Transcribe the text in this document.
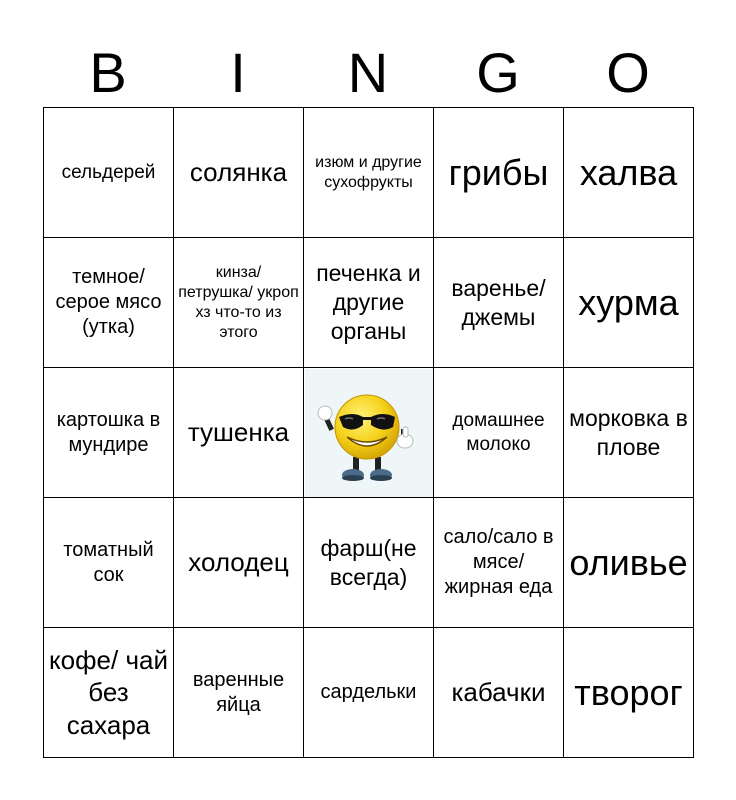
B	I	N	G	O
сельдерей	солянка	изюм и другие сухофрукты	грибы	халва
темное/ серое мясо (утка)	кинза/ петрушка/ укроп хз что-то из этого	печенка и другие органы	варенье/ джемы	хурма
картошка в мундире	тушенка		домашнее молоко	морковка в плове
томатный сок	холодец	фарш(не всегда)	сало/сало в мясе/ жирная еда	оливье
кофе/ чай без сахара	варенные яйца	сардельки	кабачки	творог
